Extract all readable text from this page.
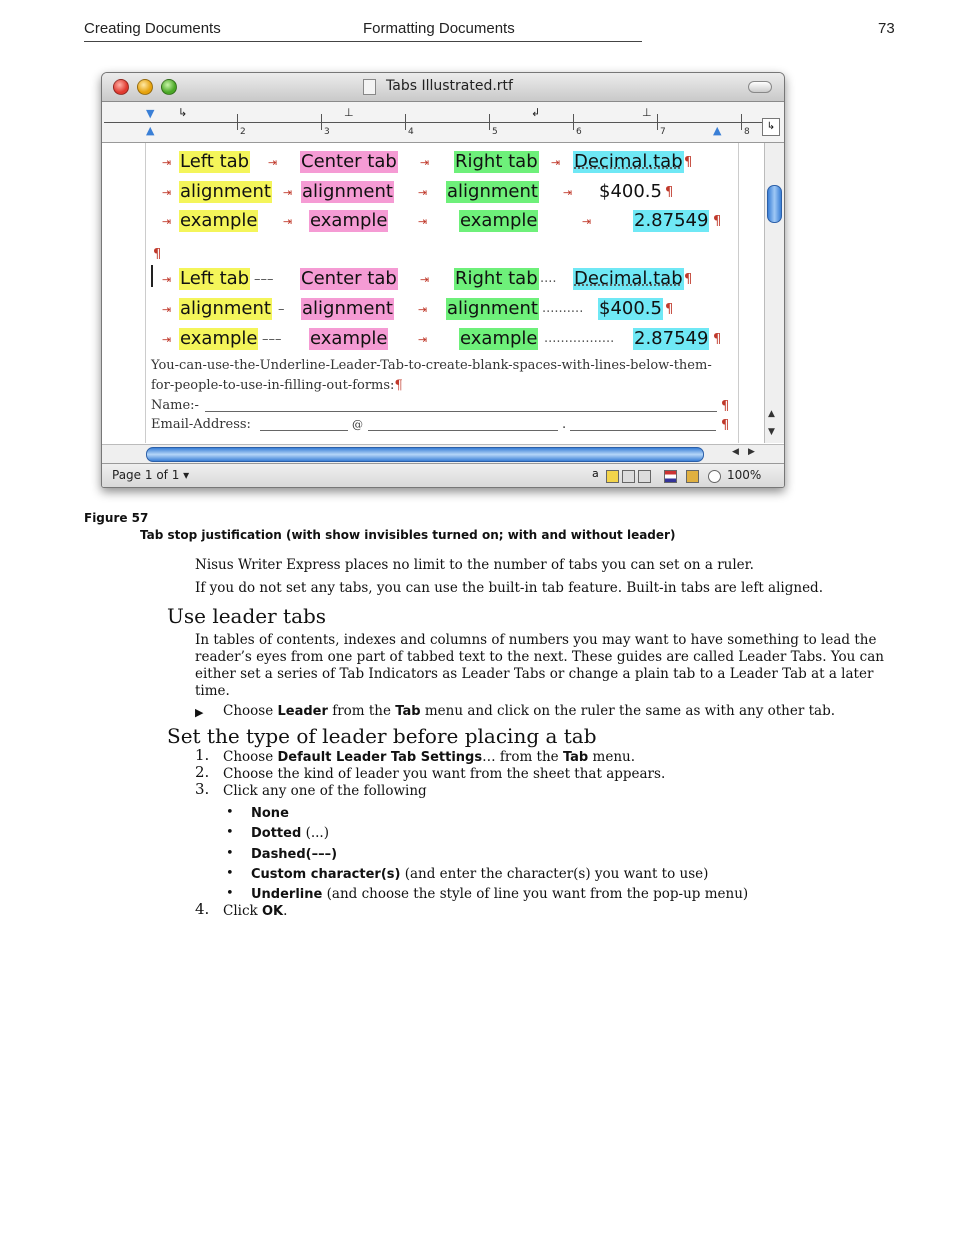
Creating Documents	Formatting Documents	73
Tabs Illustrated.rtf
2	3	4	5	6	7	8
▼
▲
↳	⊥	↲	⊥
▲	↳
⇥ Left tab ⇥ Center tab ⇥ Right tab ⇥ Decimal.tab ¶
⇥ alignment ⇥ alignment ⇥ alignment ⇥ $400.5 ¶
⇥ example ⇥ example	⇥ example	⇥ 2.87549 ¶
¶
⇥ Left tab ––– Center tab ⇥ Right tab .... Decimal.tab ¶
⇥ alignment – alignment ⇥ alignment .......... $400.5 ¶
⇥ example ––– example	⇥ example ................. 2.87549 ¶
You-can-use-the-Underline-Leader-Tab-to-create-blank-spaces-with-lines-below-them-
for-people-to-use-in-filling-out-forms:¶
Name:-	¶
Email-Address:	@	.	¶
▲
▼
◀ ▶
Page 1 of 1 ▾	a	100%
Figure 57
Tab stop justification (with show invisibles turned on; with and without leader)
Nisus Writer Express places no limit to the number of tabs you can set on a ruler.
If you do not set any tabs, you can use the built-in tab feature. Built-in tabs are left aligned.
Use leader tabs
In tables of contents, indexes and columns of numbers you may want to have something to lead the reader’s eyes from one part of tabbed text to the next. These guides are called Leader Tabs. You can either set a series of Tab Indicators as Leader Tabs or change a plain tab to a Leader Tab at a later time.
▶ Choose Leader from the Tab menu and click on the ruler the same as with any other tab.
Set the type of leader before placing a tab
1. Choose Default Leader Tab Settings… from the Tab menu.
2. Choose the kind of leader you want from the sheet that appears.
3. Click any one of the following
• None
• Dotted (...)
• Dashed(–––)
• Custom character(s) (and enter the character(s) you want to use)
• Underline (and choose the style of line you want from the pop-up menu)
4. Click OK.
